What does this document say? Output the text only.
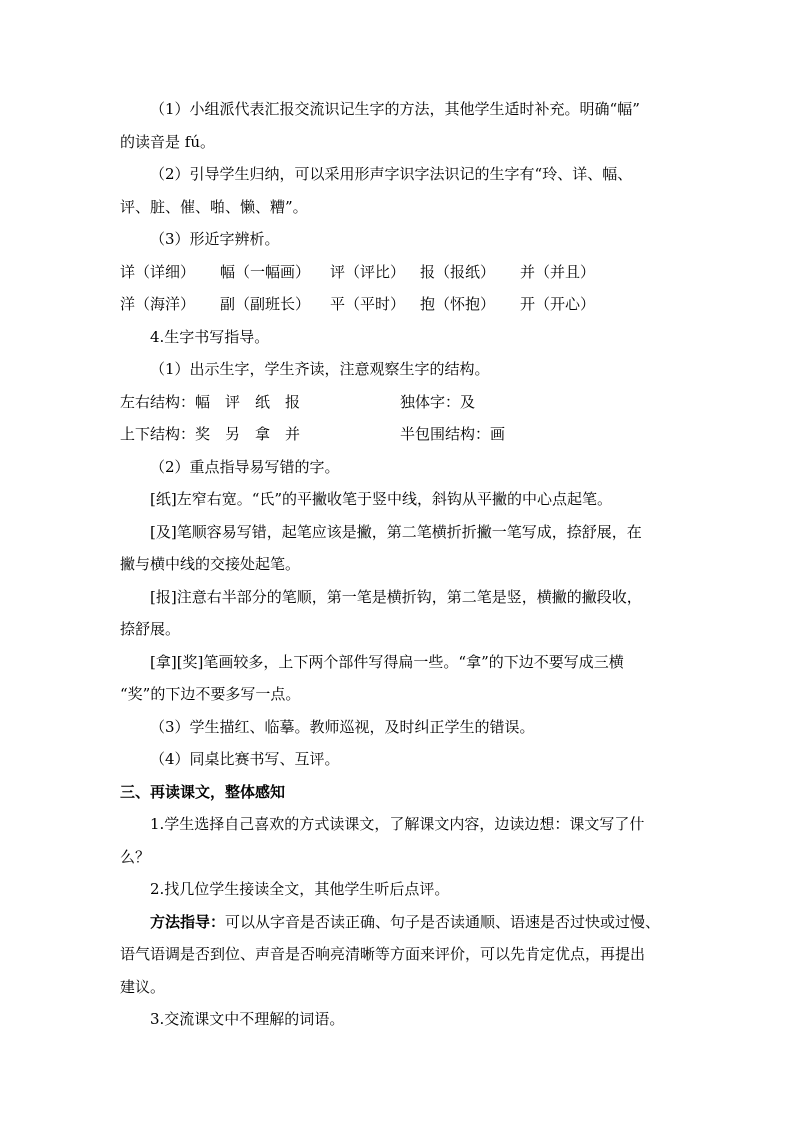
（1）小组派代表汇报交流识记生字的方法，其他学生适时补充。明确“幅”
的读音是 fú。
（2）引导学生归纳，可以采用形声字识字法识记的生字有“玲、详、幅、
评、脏、催、啪、懒、糟”。
（3）形近字辨析。
详（详细）	幅（一幅画）	评（评比） 报（报纸）	并（并且）
洋（海洋）	副（副班长）	平（平时） 抱（怀抱）	开（开心）
4.生字书写指导。
（1）出示生字，学生齐读，注意观察生字的结构。
左右结构：幅　评　纸　报	独体字：及
上下结构：奖　另　拿　并	半包围结构：画
（2）重点指导易写错的字。
[纸]左窄右宽。“氏”的平撇收笔于竖中线，斜钩从平撇的中心点起笔。
[及]笔顺容易写错，起笔应该是撇，第二笔横折折撇一笔写成，捺舒展，在
撇与横中线的交接处起笔。
[报]注意右半部分的笔顺，第一笔是横折钩，第二笔是竖，横撇的撇段收，
捺舒展。
[拿][奖]笔画较多，上下两个部件写得扁一些。“拿”的下边不要写成三横
“奖”的下边不要多写一点。
（3）学生描红、临摹。教师巡视，及时纠正学生的错误。
（4）同桌比赛书写、互评。
三、再读课文，整体感知
1.学生选择自己喜欢的方式读课文，了解课文内容，边读边想：课文写了什
么？
2.找几位学生接读全文，其他学生听后点评。
方法指导：可以从字音是否读正确、句子是否读通顺、语速是否过快或过慢、
语气语调是否到位、声音是否响亮清晰等方面来评价，可以先肯定优点，再提出
建议。
3.交流课文中不理解的词语。
